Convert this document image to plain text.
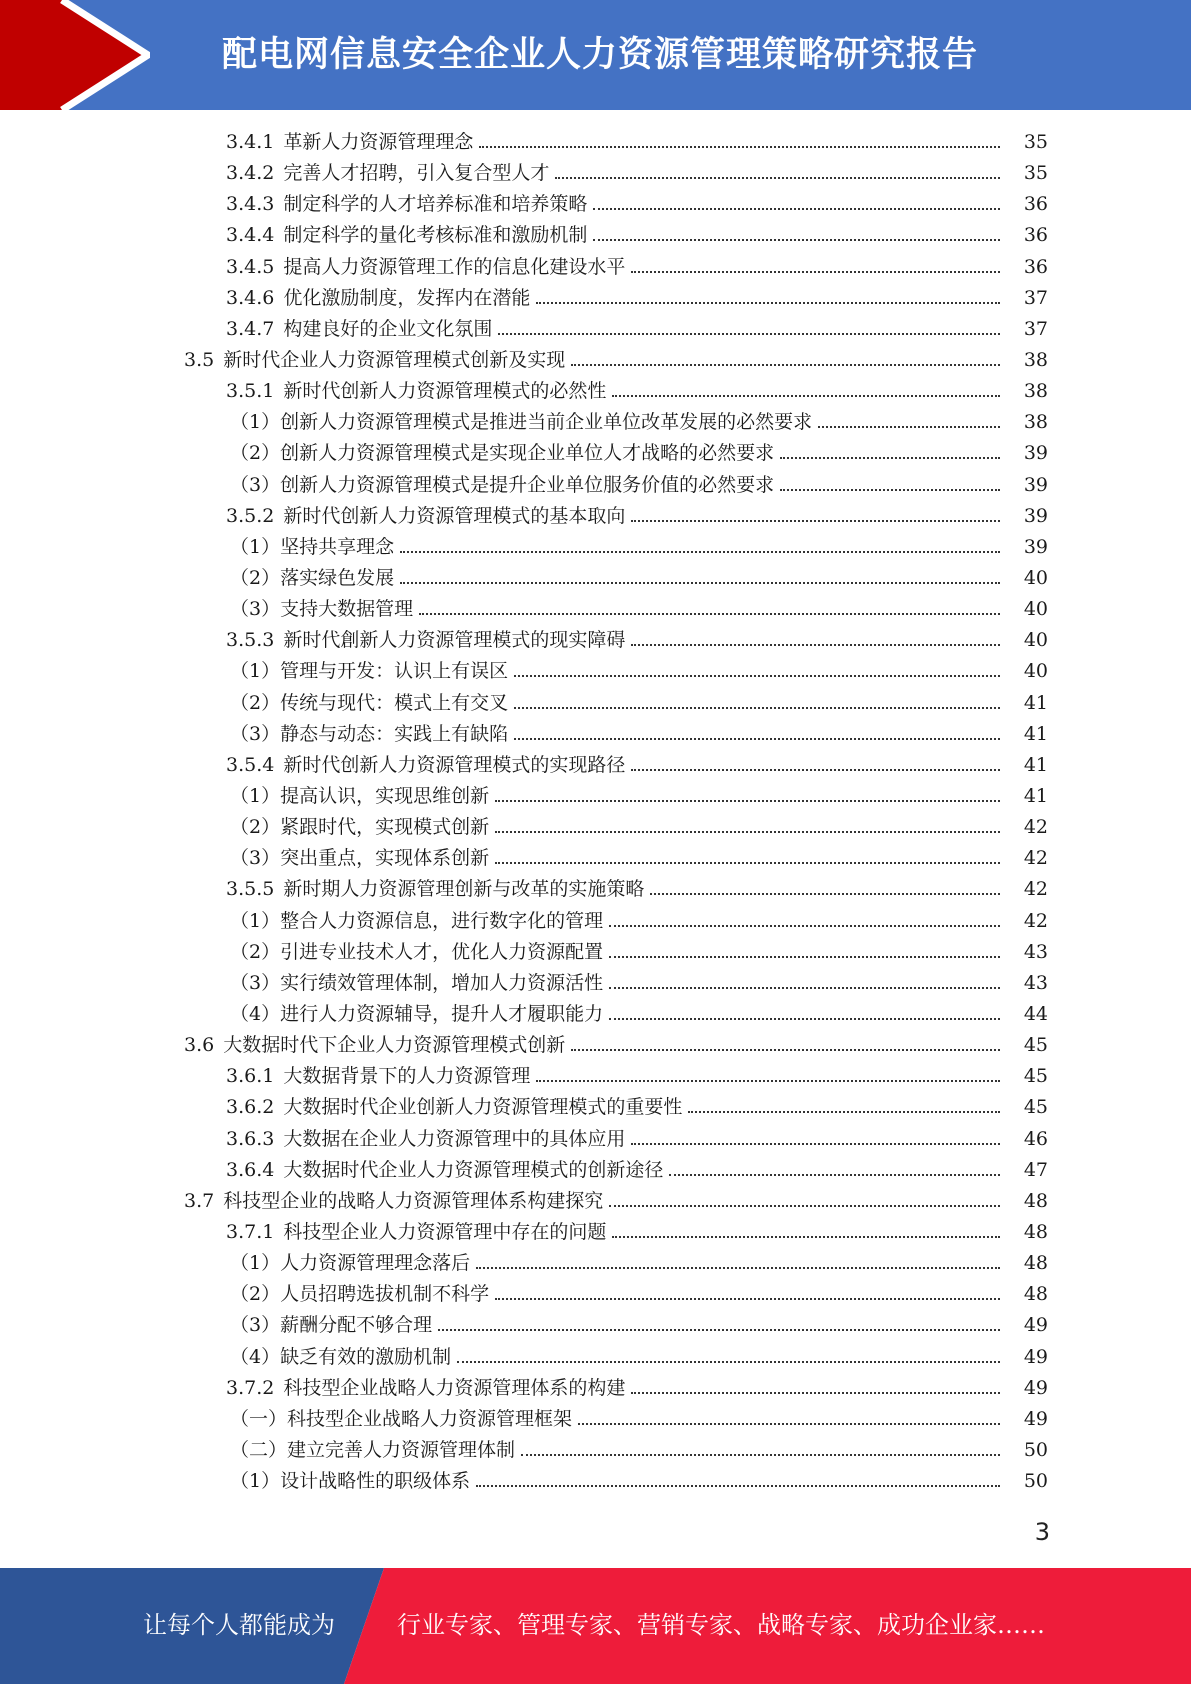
配电网信息安全企业人力资源管理策略研究报告
3.4.1 革新人力资源管理理念	35
3.4.2 完善人才招聘，引入复合型人才	35
3.4.3 制定科学的人才培养标准和培养策略	36
3.4.4 制定科学的量化考核标准和激励机制	36
3.4.5 提高人力资源管理工作的信息化建设水平	36
3.4.6 优化激励制度，发挥内在潜能	37
3.4.7 构建良好的企业文化氛围	37
3.5 新时代企业人力资源管理模式创新及实现	38
3.5.1 新时代创新人力资源管理模式的必然性	38
（1）创新人力资源管理模式是推进当前企业单位改革发展的必然要求	38
（2）创新人力资源管理模式是实现企业单位人才战略的必然要求	39
（3）创新人力资源管理模式是提升企业单位服务价值的必然要求	39
3.5.2 新时代创新人力资源管理模式的基本取向	39
（1）坚持共享理念	39
（2）落实绿色发展	40
（3）支持大数据管理	40
3.5.3 新时代創新人力资源管理模式的现实障碍	40
（1）管理与开发：认识上有误区	40
（2）传统与现代：模式上有交叉	41
（3）静态与动态：实践上有缺陷	41
3.5.4 新时代创新人力资源管理模式的实现路径	41
（1）提高认识，实现思维创新	41
（2）紧跟时代，实现模式创新	42
（3）突出重点，实现体系创新	42
3.5.5 新时期人力资源管理创新与改革的实施策略	42
（1）整合人力资源信息，进行数字化的管理	42
（2）引进专业技术人才，优化人力资源配置	43
（3）实行绩效管理体制，增加人力资源活性	43
（4）进行人力资源辅导，提升人才履职能力	44
3.6 大数据时代下企业人力资源管理模式创新	45
3.6.1 大数据背景下的人力资源管理	45
3.6.2 大数据时代企业创新人力资源管理模式的重要性	45
3.6.3 大数据在企业人力资源管理中的具体应用	46
3.6.4 大数据时代企业人力资源管理模式的创新途径	47
3.7 科技型企业的战略人力资源管理体系构建探究	48
3.7.1 科技型企业人力资源管理中存在的问题	48
（1）人力资源管理理念落后	48
（2）人员招聘选拔机制不科学	48
（3）薪酬分配不够合理	49
（4）缺乏有效的激励机制	49
3.7.2 科技型企业战略人力资源管理体系的构建	49
（一）科技型企业战略人力资源管理框架	49
（二）建立完善人力资源管理体制	50
（1）设计战略性的职级体系	50
3
让每个人都能成为	行业专家、管理专家、营销专家、战略专家、成功企业家……
